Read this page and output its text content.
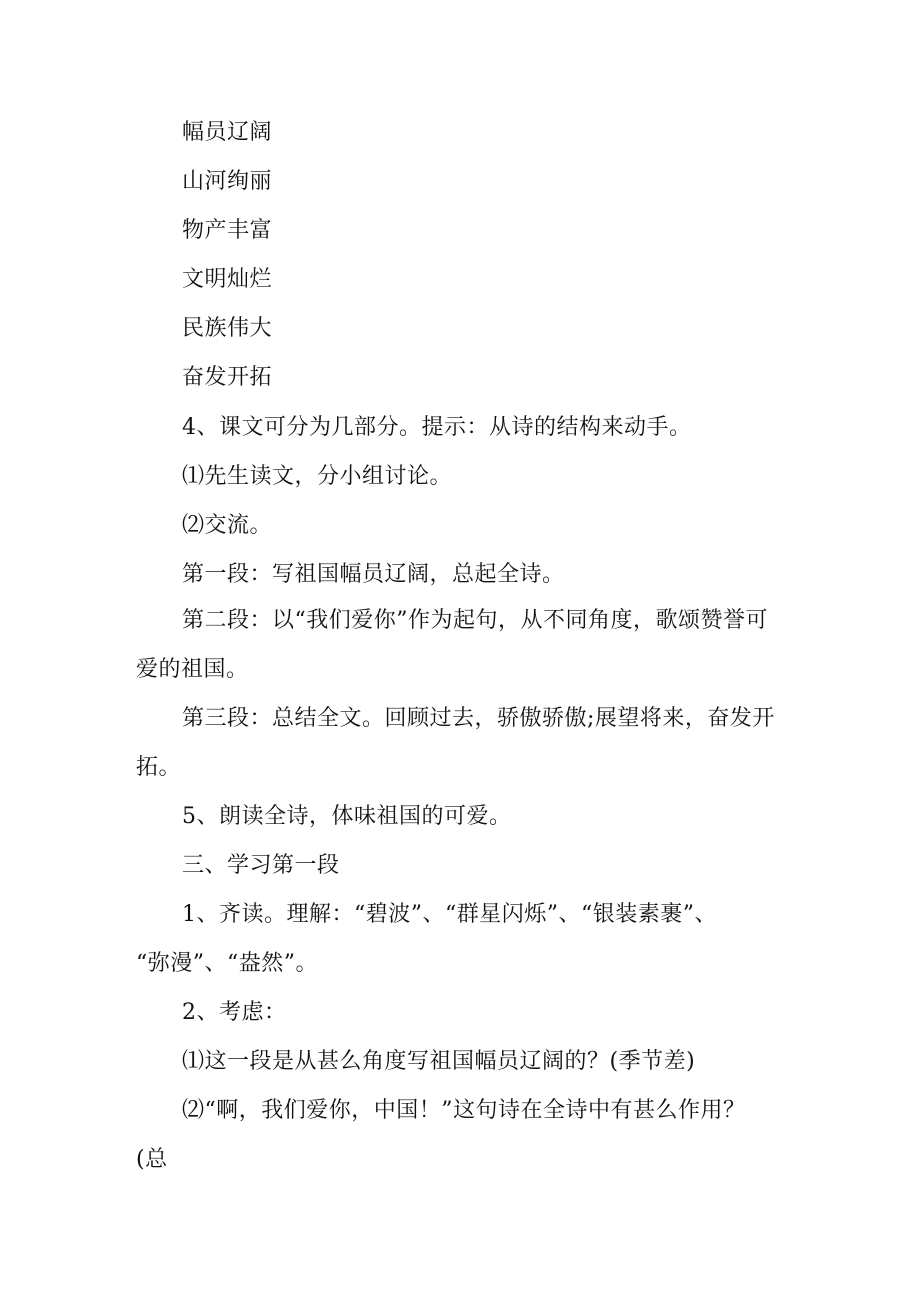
幅员辽阔
山河绚丽
物产丰富
文明灿烂
民族伟大
奋发开拓
4、课文可分为几部分。提示：从诗的结构来动手。
⑴先生读文，分小组讨论。
⑵交流。
第一段：写祖国幅员辽阔，总起全诗。
第二段：以“我们爱你”作为起句，从不同角度，歌颂赞誉可
爱的祖国。
第三段：总结全文。回顾过去，骄傲骄傲;展望将来，奋发开
拓。
5、朗读全诗，体味祖国的可爱。
三、学习第一段
1、齐读。理解：“碧波”、“群星闪烁”、“银装素裹”、
“弥漫”、“盎然”。
2、考虑：
⑴这一段是从甚么角度写祖国幅员辽阔的？(季节差)
⑵“啊，我们爱你，中国！”这句诗在全诗中有甚么作用？
(总
